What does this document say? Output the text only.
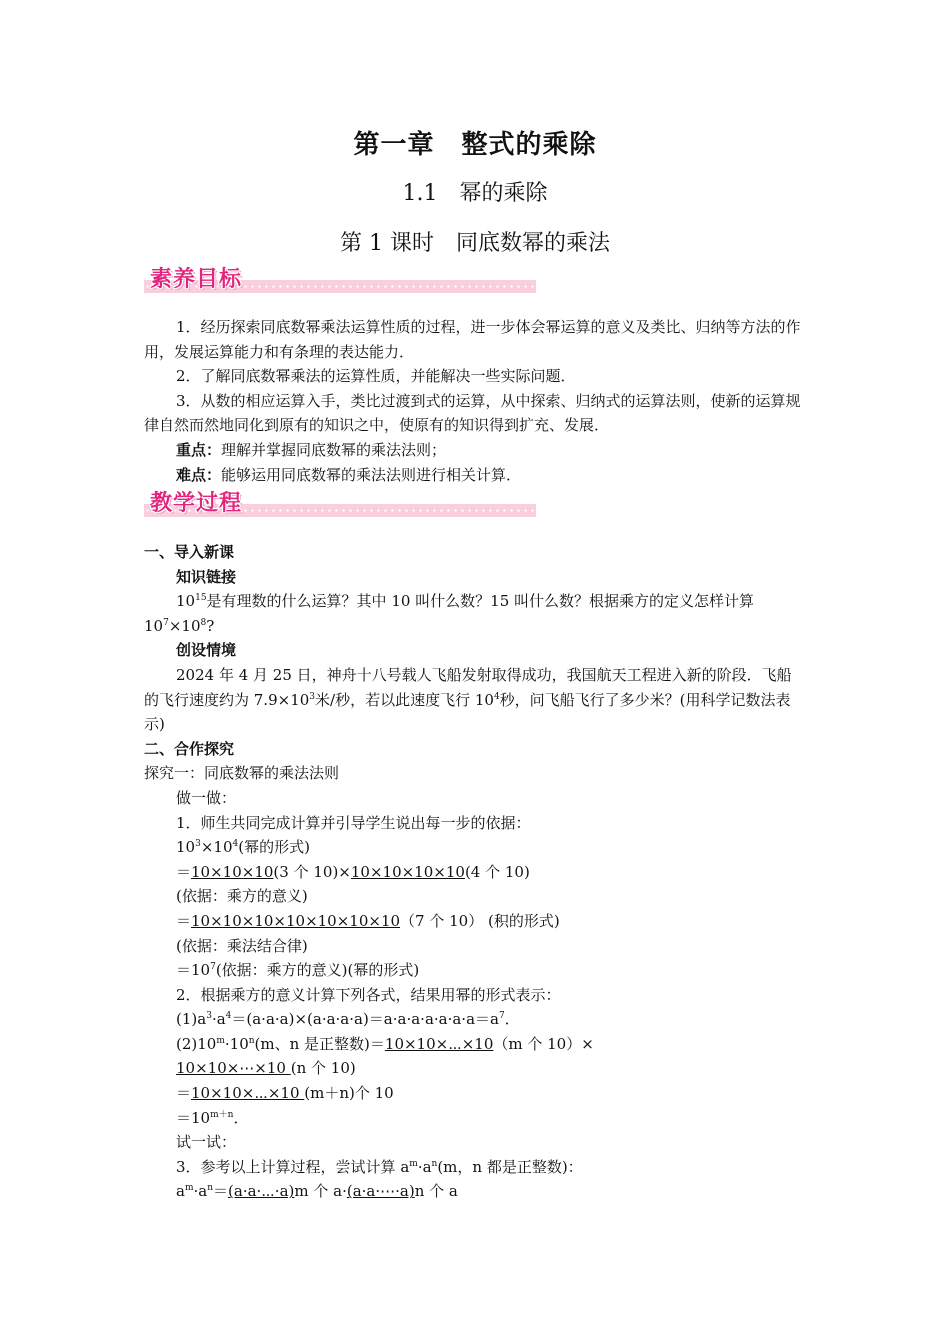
第一章　整式的乘除
1.1　幂的乘除
第 1 课时　同底数幂的乘法
素养目标

1．经历探索同底数幂乘法运算性质的过程，进一步体会幂运算的意义及类比、归纳等方法的作用，发展运算能力和有条理的表达能力．

2．了解同底数幂乘法的运算性质，并能解决一些实际问题．

3．从数的相应运算入手，类比过渡到式的运算，从中探索、归纳式的运算法则，使新的运算规律自然而然地同化到原有的知识之中，使原有的知识得到扩充、发展．

重点：理解并掌握同底数幂的乘法法则；

难点：能够运用同底数幂的乘法法则进行相关计算．

教学过程

一、导入新课

知识链接

$10^{15}$是有理数的什么运算？其中 10 叫什么数？15 叫什么数？根据乘方的定义怎样计算 $10^7\times 10^8$?

创设情境

2024 年 4 月 25 日，神舟十八号载人飞船发射取得成功，我国航天工程进入新的阶段．飞船的飞行速度约为 $7.9\times 10^3$米/秒，若以此速度飞行 $10^4$秒，问飞船飞行了多少米？(用科学记数法表示)

二、合作探究

探究一：同底数幂的乘法法则

做一做：

1．师生共同完成计算并引导学生说出每一步的依据：

$10^3\times 10^4$(幂的形式)

＝10×10×10(3 个 10)×10×10×10×10(4 个 10)

(依据：乘方的意义)

＝10×10×10×10×10×10×10（7 个 10） (积的形式)

(依据：乘法结合律)

$=10^7$(依据：乘方的意义)(幂的形式)

2．根据乘方的意义计算下列各式，结果用幂的形式表示：

$(1)a^3\cdot a^4=(a\cdot a\cdot a)\times(a\cdot a\cdot a\cdot a)=a\cdot a\cdot a\cdot a\cdot a\cdot a\cdot a=a^7$．

$(2)10^m\cdot 10^n(m$、n 是正整数)＝10×10×⋯×10（m 个 10）×

10×10×⋯×10 (n 个 10)

＝10×10×⋯×10 (m＋n)个 10

$=10^{m+n}$．

试一试：

3．参考以上计算过程，尝试计算 $a^m\cdot a^n(m$，n 都是正整数)：

$a^m\cdot a^n=(a\cdot a\cdot\cdots\cdot a)m$ 个 a·(a·a·⋯·a)n 个 a
